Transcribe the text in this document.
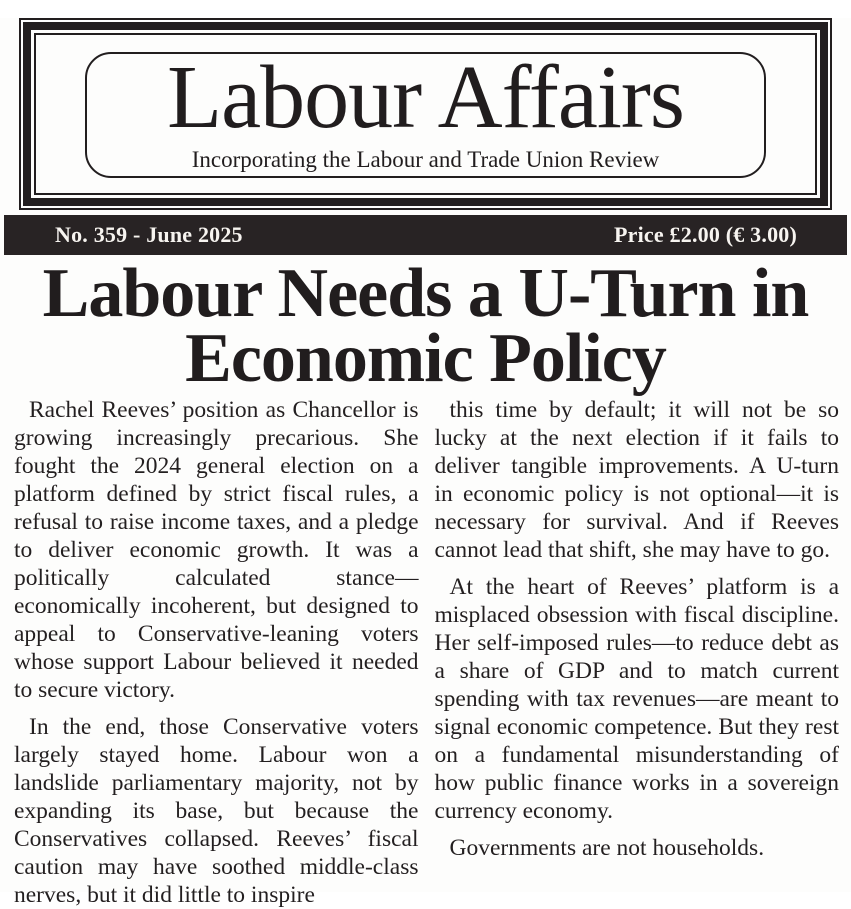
Labour Affairs
Incorporating the Labour and Trade Union Review
No. 359 - June 2025	Price £2.00 (€ 3.00)
Labour Needs a U-Turn in
Economic Policy

Rachel Reeves’ position as Chancellor is growing increasingly precarious. She fought the 2024 general election on a platform defined by strict fiscal rules, a refusal to raise income taxes, and a pledge to deliver economic growth. It was a politically calculated stance—economically incoherent, but designed to appeal to Conservative-leaning voters whose support Labour believed it needed to secure victory.

In the end, those Conservative voters largely stayed home. Labour won a landslide parliamentary majority, not by expanding its base, but because the Conservatives collapsed. Reeves’ fiscal caution may have soothed middle-class nerves, but it did little to inspire

this time by default; it will not be so lucky at the next election if it fails to deliver tangible improvements. A U-turn in economic policy is not optional—it is necessary for survival. And if Reeves cannot lead that shift, she may have to go.

At the heart of Reeves’ platform is a misplaced obsession with fiscal discipline. Her self-imposed rules—to reduce debt as a share of GDP and to match current spending with tax revenues—are meant to signal economic competence. But they rest on a fundamental misunderstanding of how public finance works in a sovereign currency economy.

Governments are not households.
